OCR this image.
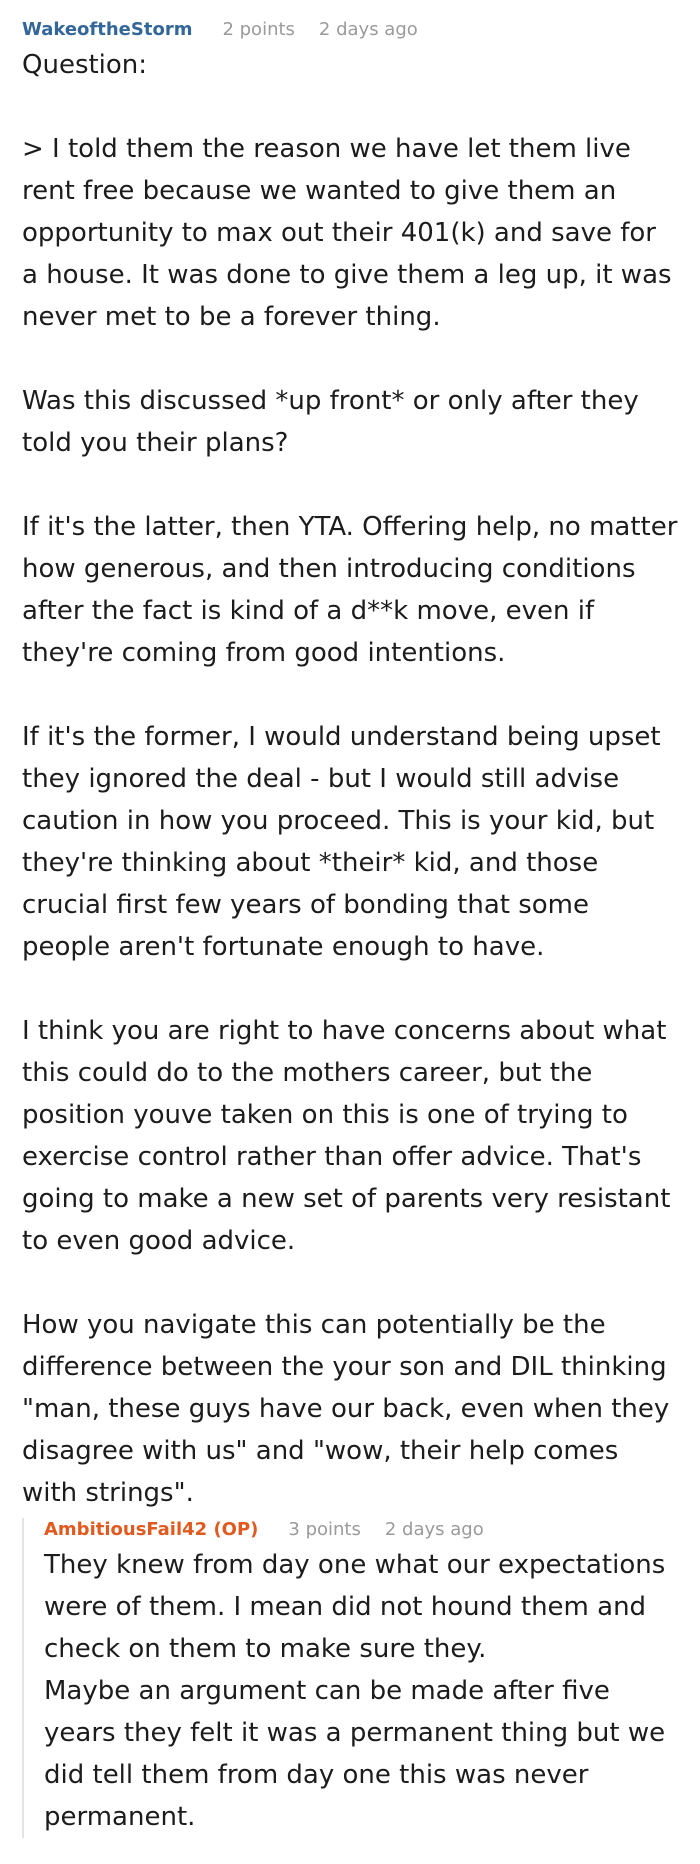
WakeoftheStorm 2 points 2 days ago

Question:

> I told them the reason we have let them live rent free because we wanted to give them an opportunity to max out their 401(k) and save for a house. It was done to give them a leg up, it was never met to be a forever thing.

Was this discussed *up front* or only after they told you their plans?

If it's the latter, then YTA. Offering help, no matter how generous, and then introducing conditions after the fact is kind of a d**k move, even if they're coming from good intentions.

If it's the former, I would understand being upset they ignored the deal - but I would still advise caution in how you proceed. This is your kid, but they're thinking about *their* kid, and those crucial first few years of bonding that some people aren't fortunate enough to have.

I think you are right to have concerns about what this could do to the mothers career, but the position youve taken on this is one of trying to exercise control rather than offer advice. That's going to make a new set of parents very resistant to even good advice.

How you navigate this can potentially be the difference between the your son and DIL thinking "man, these guys have our back, even when they disagree with us" and "wow, their help comes with strings".

AmbitiousFail42 (OP) 3 points 2 days ago

They knew from day one what our expectations were of them. I mean did not hound them and check on them to make sure they.

Maybe an argument can be made after five years they felt it was a permanent thing but we did tell them from day one this was never permanent.
